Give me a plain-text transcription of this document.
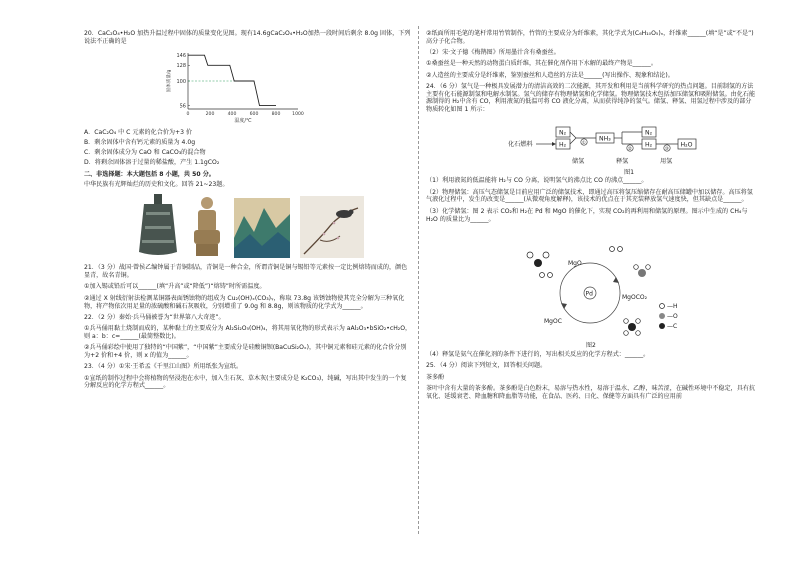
20．CaC₂O₄•H₂O 加热升温过程中固体的质量变化见图。现有14.6gCaC₂O₄•H₂O加热一段时间后剩余 8.0g 固体，下列说法不正确的是

146
128
100
56
0	200	400	600	800	1000
温度/℃
固体质量/g

A．CaC₂O₄ 中 C 元素的化合价为+3 价

B．剩余固体中含有钙元素的质量为 4.0g

C．剩余固体成分为 CaO 和 CaCO₃的混合物

D．将剩余固体溶于过量的稀盐酸，产生 1.1gCO₂

二、非选择题：本大题包括 8 小题，共 50 分。

中华民族有光辉灿烂的历史和文化。回答 21~23题。

21．（3 分）战国·曾侯乙编钟属于青铜制品，青铜是一种合金，所谓青铜是铜与锡铅等元素按一定比例熔铸而成的，颜色显青，故名青铜。

①加入锡或铅后可以______(填“升高”或“降低”)“熔铸”时所需温度。

②通过 X 射线衍射法检测某铜器表面锈蚀物的组成为 Cu₂(OH)ₓ(CO₃)ᵧ，称取 73.8g 该锈蚀物使其完全分解为三种氧化物，将产物依次用足量的浓硫酸和碱石灰吸收，分别增重了 9.0g 和 8.8g，则该物质的化学式为______。

22．（2 分）秦始·兵马俑被誉为“世界第八大奇迹”。

①兵马俑用黏土烧制而成的，某种黏土的主要成分为 Al₂Si₂O₅(OH)₄，将其用氧化物的形式表示为 aAl₂O₃•bSiO₂•cH₂O，则 a：b：c=______(最简整数比)。

②兵马俑彩绘中使用了独特的“中国紫”，“中国紫”主要成分是硅酸铜钡(BaCuSi₂Oₓ)，其中铜元素和硅元素的化合价分别为+2 价和+4 价，则 x 的值为______。

23．（4 分）①宋·王希孟《千里江山图》所用纸张为宣纸。

①宣纸的制作过程中会将植物的坚浸泡在水中，加入生石灰、草木灰(主要成分是 K₂CO₃)，纯碱，写出其中发生的一个复分解反应的化学方程式______。

②纸面所用毛笔的笔杆常用竹管制作，竹管的主要成分为纤维素，其化学式为(C₆H₁₀O₅)ₙ，纤维素______(填“是”或“不是”)高分子化合物。

（2）宋·文子德《梅鹊图》所用墨汁含有桑蚕丝。

①桑蚕丝是一种天然的动物蛋白质纤维，其在催化剂作用下水解的最终产物是______。

②人造丝的主要成分是纤维素，鉴别蚕丝和人造丝的方法是______(写出操作、现象和结论)。

24．（6 分）氢气是一种极具发展潜力的清洁高效的二次能源，其开发和利用是当前科学研究的热点问题。目前制氢的方法主要有化石能源制氢和电解水制氢。氢气的储存有物理储氢和化学储氢。物理储氢技术包括加压储氢和吸附储氢。由化石能源制得的 H₂中含有 CO，利用液氮的低温可将 CO 液化分离，从而获得纯净的氢气。储氢、释氢、用氢过程中涉及的部分物质转化如图 1 所示：

化石燃料
N₂
H₂	①
NH₃
②
N₂
H₂
③
H₂O
储氢	释氢	用氢
图1

（1）利用液氮的低温能将 H₂与 CO 分离，说明氢气的沸点比 CO 的沸点______。

（2）物理储氢：高压气态储氢是目前应用广泛的储氢技术，即通过高压将氢压缩储存在耐高压储罐中加以储存。高压将氢气液化过程中，发生的改变是______(从微观角度解释)，该技术的优点在于其充装释放氢气速度快，但其缺点是______。

（3）化学储氢：图 2 表示 CO₂和 H₂在 Pd 和 MgO 的催化下，实现 CO₂的再利用和储氢的原理。图示中生成的 CH₄与 H₂O 的质量比为______。

Pd
MgO
MgOCO₂
MgOC
—H
—O
—C
图2

（4）释氢是氨气在催化剂的条件下进行的，写出相关反应的化学方程式：______。

25．（4 分）阅读下列短文，回答相关问题。

茶多酚

茶叶中含有大量的茶多酚。茶多酚是白色粉末，易溶与热水性，易溶于温水、乙醇，味苦涩，在碱性环境中不稳定，具有抗氧化、延缓衰老、降血糖和降血脂等功能，在食品、医药、日化、保健等方面具有广泛的应用前
